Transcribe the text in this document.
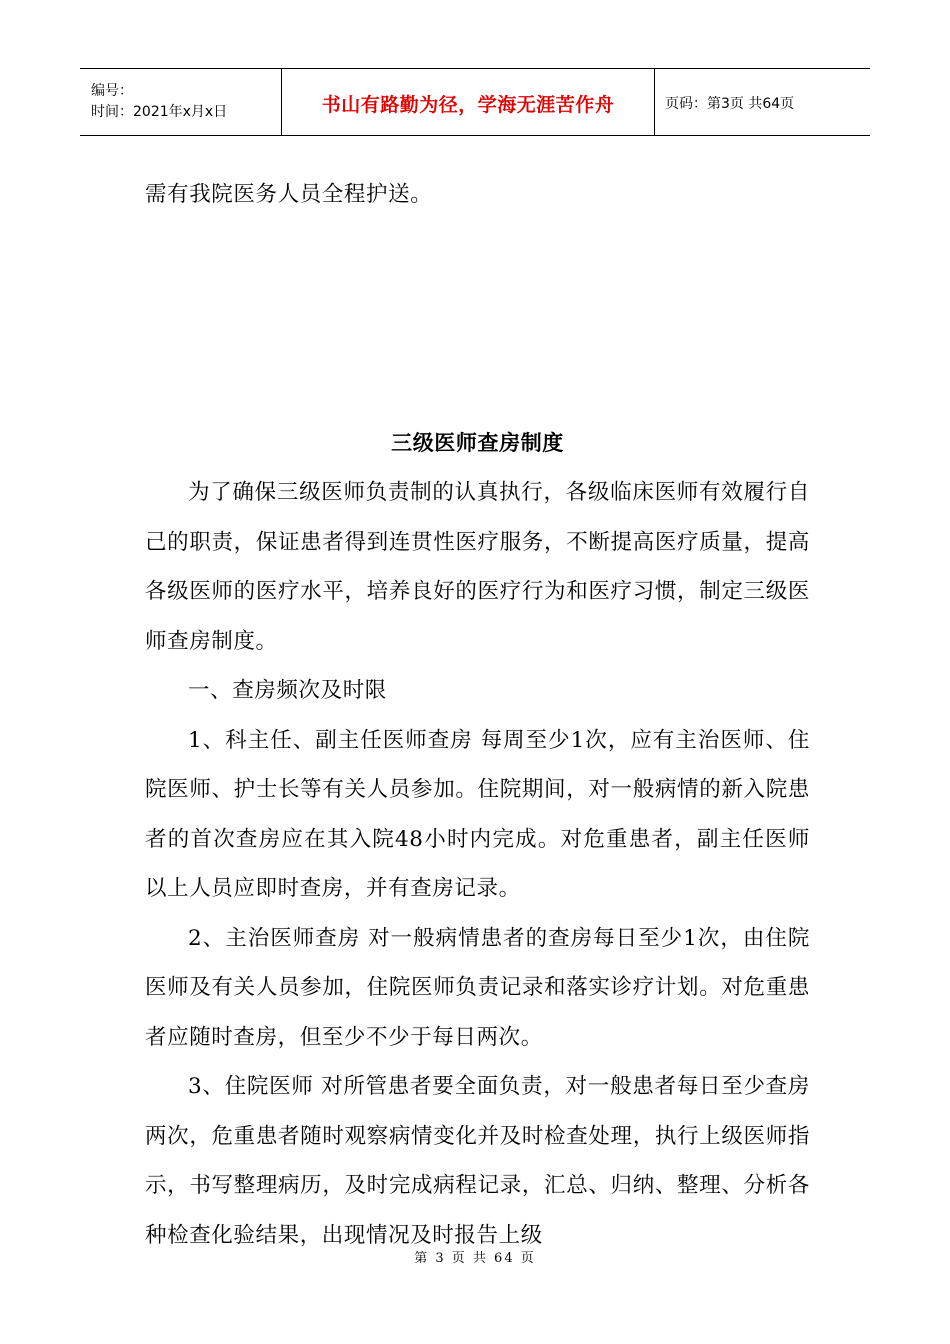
编号：
时间：2021年x月x日	书山有路勤为径，学海无涯苦作舟	页码：第3页 共64页

需有我院医务人员全程护送。

三级医师查房制度

为了确保三级医师负责制的认真执行，各级临床医师有效履行自己的职责，保证患者得到连贯性医疗服务，不断提高医疗质量，提高各级医师的医疗水平，培养良好的医疗行为和医疗习惯，制定三级医师查房制度。

一、查房频次及时限

1、科主任、副主任医师查房 每周至少1次，应有主治医师、住院医师、护士长等有关人员参加。住院期间，对一般病情的新入院患者的首次查房应在其入院48小时内完成。对危重患者，副主任医师以上人员应即时查房，并有查房记录。

2、主治医师查房 对一般病情患者的查房每日至少1次，由住院医师及有关人员参加，住院医师负责记录和落实诊疗计划。对危重患者应随时查房，但至少不少于每日两次。

3、住院医师 对所管患者要全面负责，对一般患者每日至少查房两次，危重患者随时观察病情变化并及时检查处理，执行上级医师指示，书写整理病历，及时完成病程记录，汇总、归纳、整理、分析各种检查化验结果，出现情况及时报告上级

第 3 页 共 64 页
